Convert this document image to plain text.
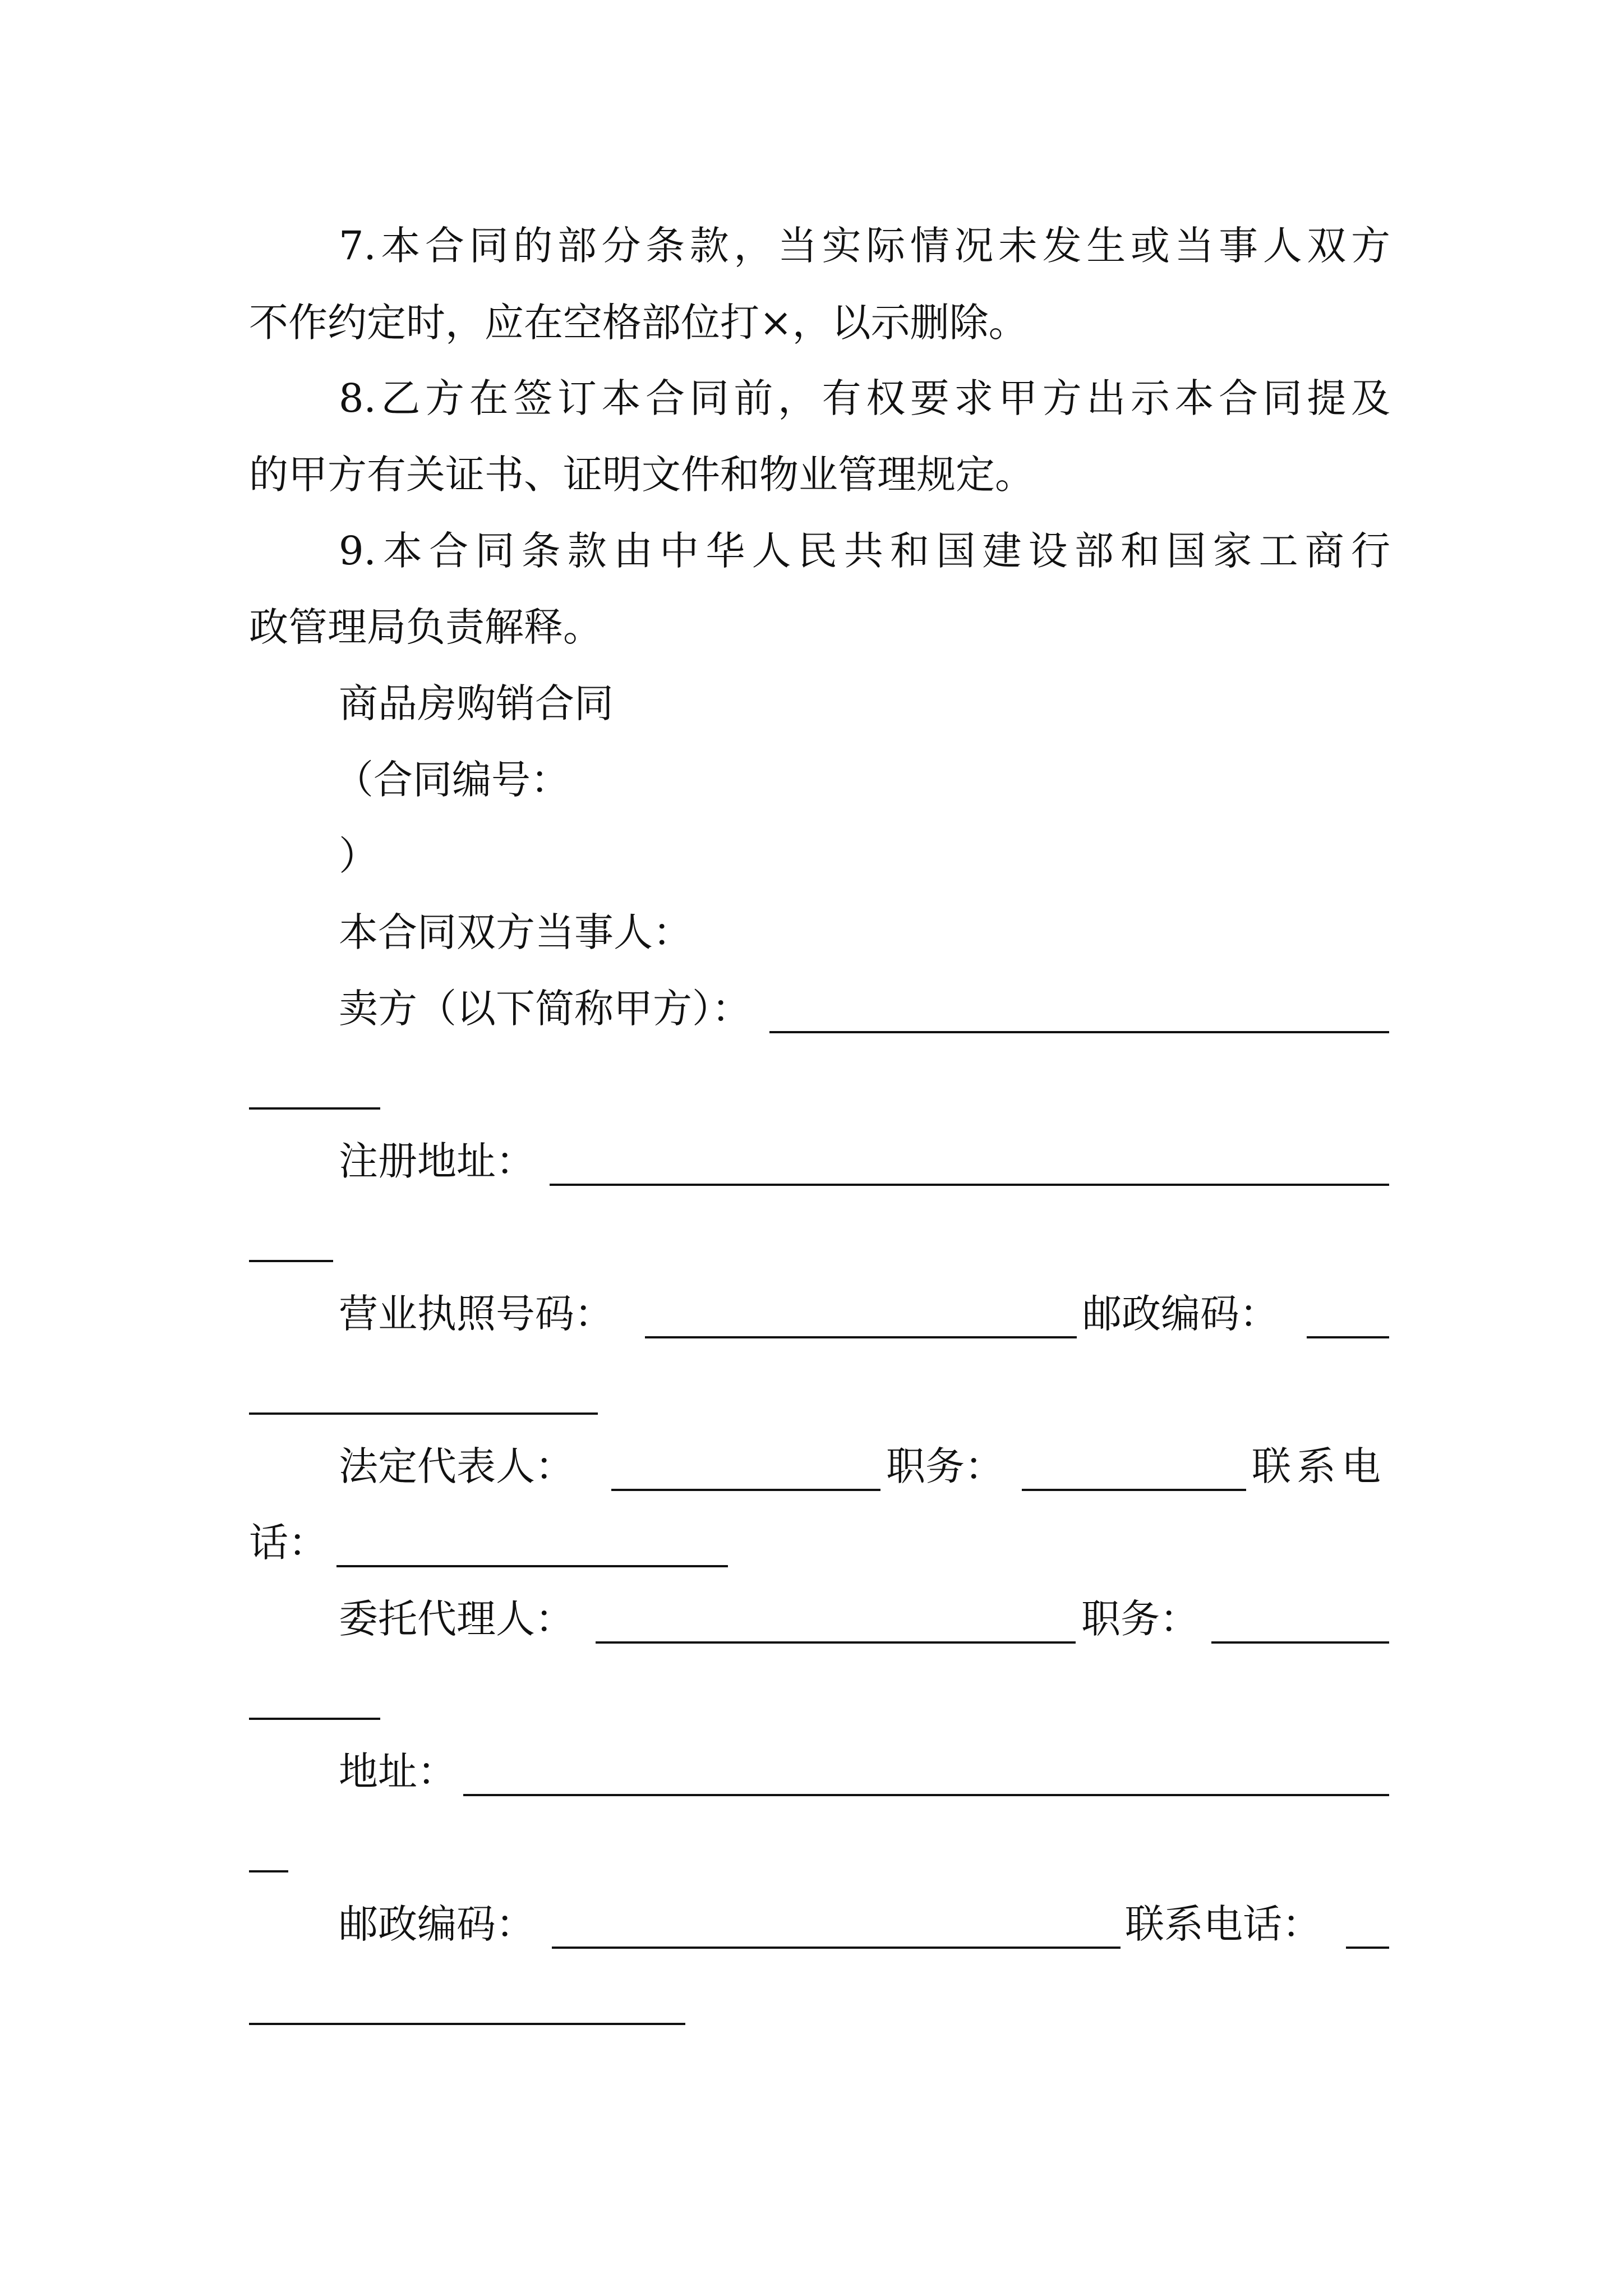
7.本合同的部分条款，当实际情况未发生或当事人双方
不作约定时，应在空格部位打×，以示删除。
8.乙方在签订本合同前，有权要求甲方出示本合同提及
的甲方有关证书、证明文件和物业管理规定。
9.本合同条款由中华人民共和国建设部和国家工商行
政管理局负责解释。
商品房购销合同
（合同编号：
）
本合同双方当事人：
卖方（以下简称甲方）：
注册地址：
营业执照号码：	邮政编码：
法定代表人：	职务：	联系电
话：
委托代理人：	职务：
地址：
邮政编码：	联系电话：
